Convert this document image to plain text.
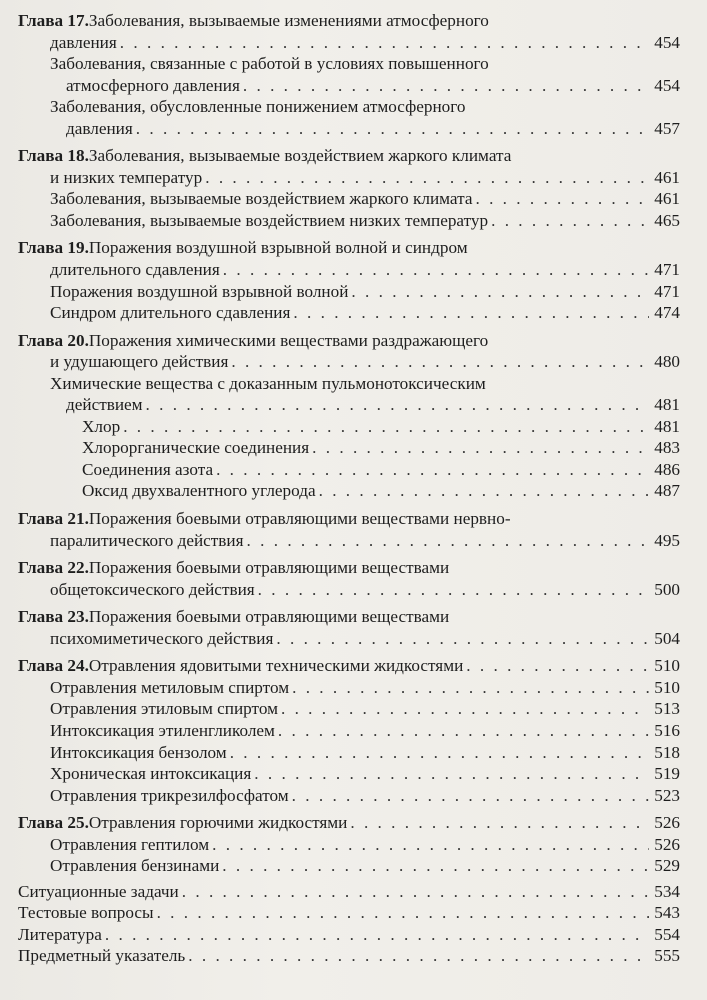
Глава 17. Заболевания, вызываемые изменениями атмосферного
давления . . .	454
Заболевания, связанные с работой в условиях повышенного
атмосферного давления . . .	454
Заболевания, обусловленные понижением атмосферного
давления . . .	457
Глава 18. Заболевания, вызываемые воздействием жаркого климата
и низких температур . . .	461
Заболевания, вызываемые воздействием жаркого климата . . .	461
Заболевания, вызываемые воздействием низких температур . . .	465
Глава 19. Поражения воздушной взрывной волной и синдром
длительного сдавления . . .	471
Поражения воздушной взрывной волной . . .	471
Синдром длительного сдавления . . .	474
Глава 20. Поражения химическими веществами раздражающего
и удушающего действия . . .	480
Химические вещества с доказанным пульмонотоксическим
действием . . .	481
Хлор . . .	481
Хлорорганические соединения . . .	483
Соединения азота . . .	486
Оксид двухвалентного углерода . . .	487
Глава 21. Поражения боевыми отравляющими веществами нервно-
паралитического действия . . .	495
Глава 22. Поражения боевыми отравляющими веществами
общетоксического действия . . .	500
Глава 23. Поражения боевыми отравляющими веществами
психомиметического действия . . .	504
Глава 24. Отравления ядовитыми техническими жидкостями . . .	510
Отравления метиловым спиртом . . .	510
Отравления этиловым спиртом . . .	513
Интоксикация этиленгликолем . . .	516
Интоксикация бензолом . . .	518
Хроническая интоксикация . . .	519
Отравления трикрезилфосфатом . . .	523
Глава 25. Отравления горючими жидкостями . . .	526
Отравления гептилом . . .	526
Отравления бензинами . . .	529
Ситуационные задачи . . .	534
Тестовые вопросы . . .	543
Литература . . .	554
Предметный указатель . . .	555
